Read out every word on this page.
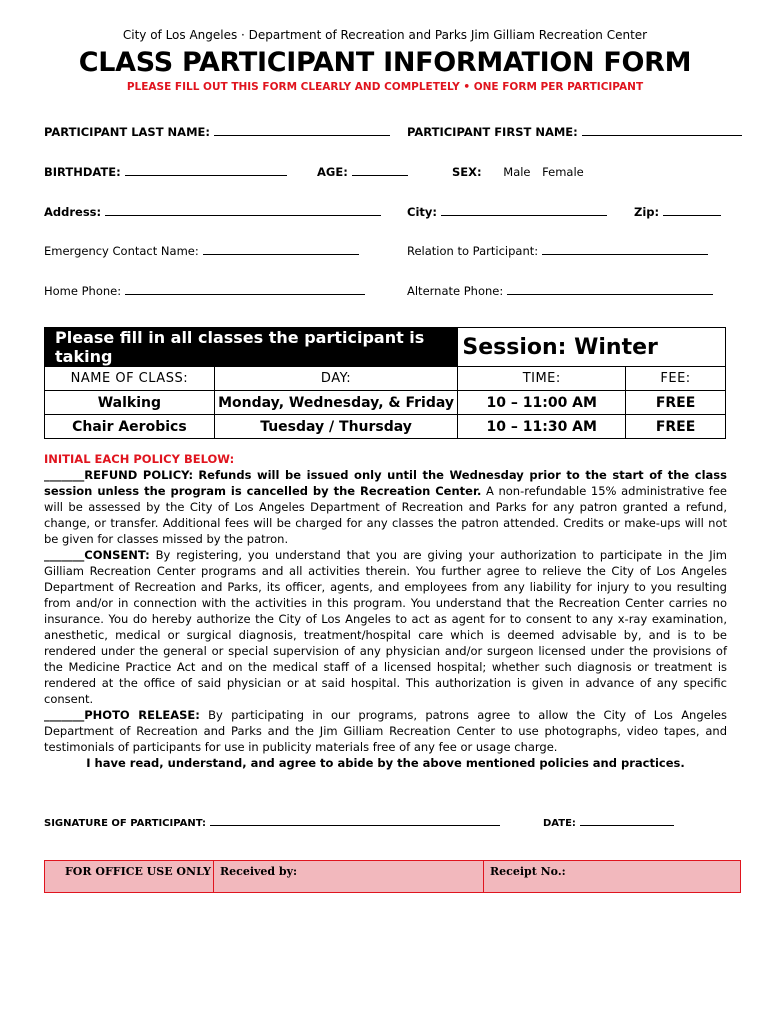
City of Los Angeles · Department of Recreation and Parks Jim Gilliam Recreation Center
CLASS PARTICIPANT INFORMATION FORM
PLEASE FILL OUT THIS FORM CLEARLY AND COMPLETELY • ONE FORM PER PARTICIPANT
PARTICIPANT LAST NAME:	PARTICIPANT FIRST NAME:
BIRTHDATE:	AGE:	SEX: Male Female
Address:	City:	Zip:
Emergency Contact Name:	Relation to Participant:
Home Phone:	Alternate Phone:
Please fill in all classes the participant is taking		Session: Winter	
NAME OF CLASS:	DAY:	TIME:	FEE:
Walking	Monday, Wednesday, & Friday	10 – 11:00 AM	FREE
Chair Aerobics	Tuesday / Thursday	10 – 11:30 AM	FREE

INITIAL EACH POLICY BELOW:

_______REFUND POLICY: Refunds will be issued only until the Wednesday prior to the start of the class session unless the program is cancelled by the Recreation Center. A non-refundable 15% administrative fee will be assessed by the City of Los Angeles Department of Recreation and Parks for any patron granted a refund, change, or transfer. Additional fees will be charged for any classes the patron attended. Credits or make-ups will not be given for classes missed by the patron.

_______CONSENT: By registering, you understand that you are giving your authorization to participate in the Jim Gilliam Recreation Center programs and all activities therein. You further agree to relieve the City of Los Angeles Department of Recreation and Parks, its officer, agents, and employees from any liability for injury to you resulting from and/or in connection with the activities in this program. You understand that the Recreation Center carries no insurance. You do hereby authorize the City of Los Angeles to act as agent for to consent to any x-ray examination, anesthetic, medical or surgical diagnosis, treatment/hospital care which is deemed advisable by, and is to be rendered under the general or special supervision of any physician and/or surgeon licensed under the provisions of the Medicine Practice Act and on the medical staff of a licensed hospital; whether such diagnosis or treatment is rendered at the office of said physician or at said hospital. This authorization is given in advance of any specific consent.

_______PHOTO RELEASE: By participating in our programs, patrons agree to allow the City of Los Angeles Department of Recreation and Parks and the Jim Gilliam Recreation Center to use photographs, video tapes, and testimonials of participants for use in publicity materials free of any fee or usage charge.

I have read, understand, and agree to abide by the above mentioned policies and practices.

SIGNATURE OF PARTICIPANT:	DATE:
FOR OFFICE USE ONLY Received by:	Receipt No.:
